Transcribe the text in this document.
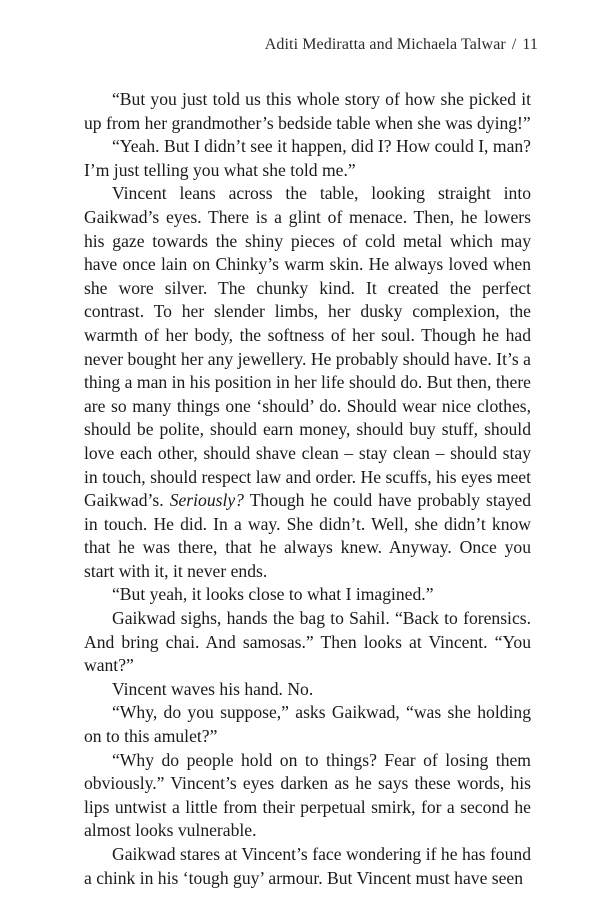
Aditi Mediratta and Michaela Talwar / 11

“But you just told us this whole story of how she picked it up from her grandmother’s bedside table when she was dying!”

“Yeah. But I didn’t see it happen, did I? How could I, man? I’m just telling you what she told me.”

Vincent leans across the table, looking straight into Gaikwad’s eyes. There is a glint of menace. Then, he lowers his gaze towards the shiny pieces of cold metal which may have once lain on Chinky’s warm skin. He always loved when she wore silver. The chunky kind. It created the perfect contrast. To her slender limbs, her dusky complexion, the warmth of her body, the softness of her soul. Though he had never bought her any jewellery. He probably should have. It’s a thing a man in his position in her life should do. But then, there are so many things one ‘should’ do. Should wear nice clothes, should be polite, should earn money, should buy stuff, should love each other, should shave clean – stay clean – should stay in touch, should respect law and order. He scuffs, his eyes meet Gaikwad’s. Seriously? Though he could have probably stayed in touch. He did. In a way. She didn’t. Well, she didn’t know that he was there, that he always knew. Anyway. Once you start with it, it never ends.

“But yeah, it looks close to what I imagined.”

Gaikwad sighs, hands the bag to Sahil. “Back to forensics. And bring chai. And samosas.” Then looks at Vincent. “You want?”

Vincent waves his hand. No.

“Why, do you suppose,” asks Gaikwad, “was she holding on to this amulet?”

“Why do people hold on to things? Fear of losing them obviously.” Vincent’s eyes darken as he says these words, his lips untwist a little from their perpetual smirk, for a second he almost looks vulnerable.

Gaikwad stares at Vincent’s face wondering if he has found a chink in his ‘tough guy’ armour. But Vincent must have seen
